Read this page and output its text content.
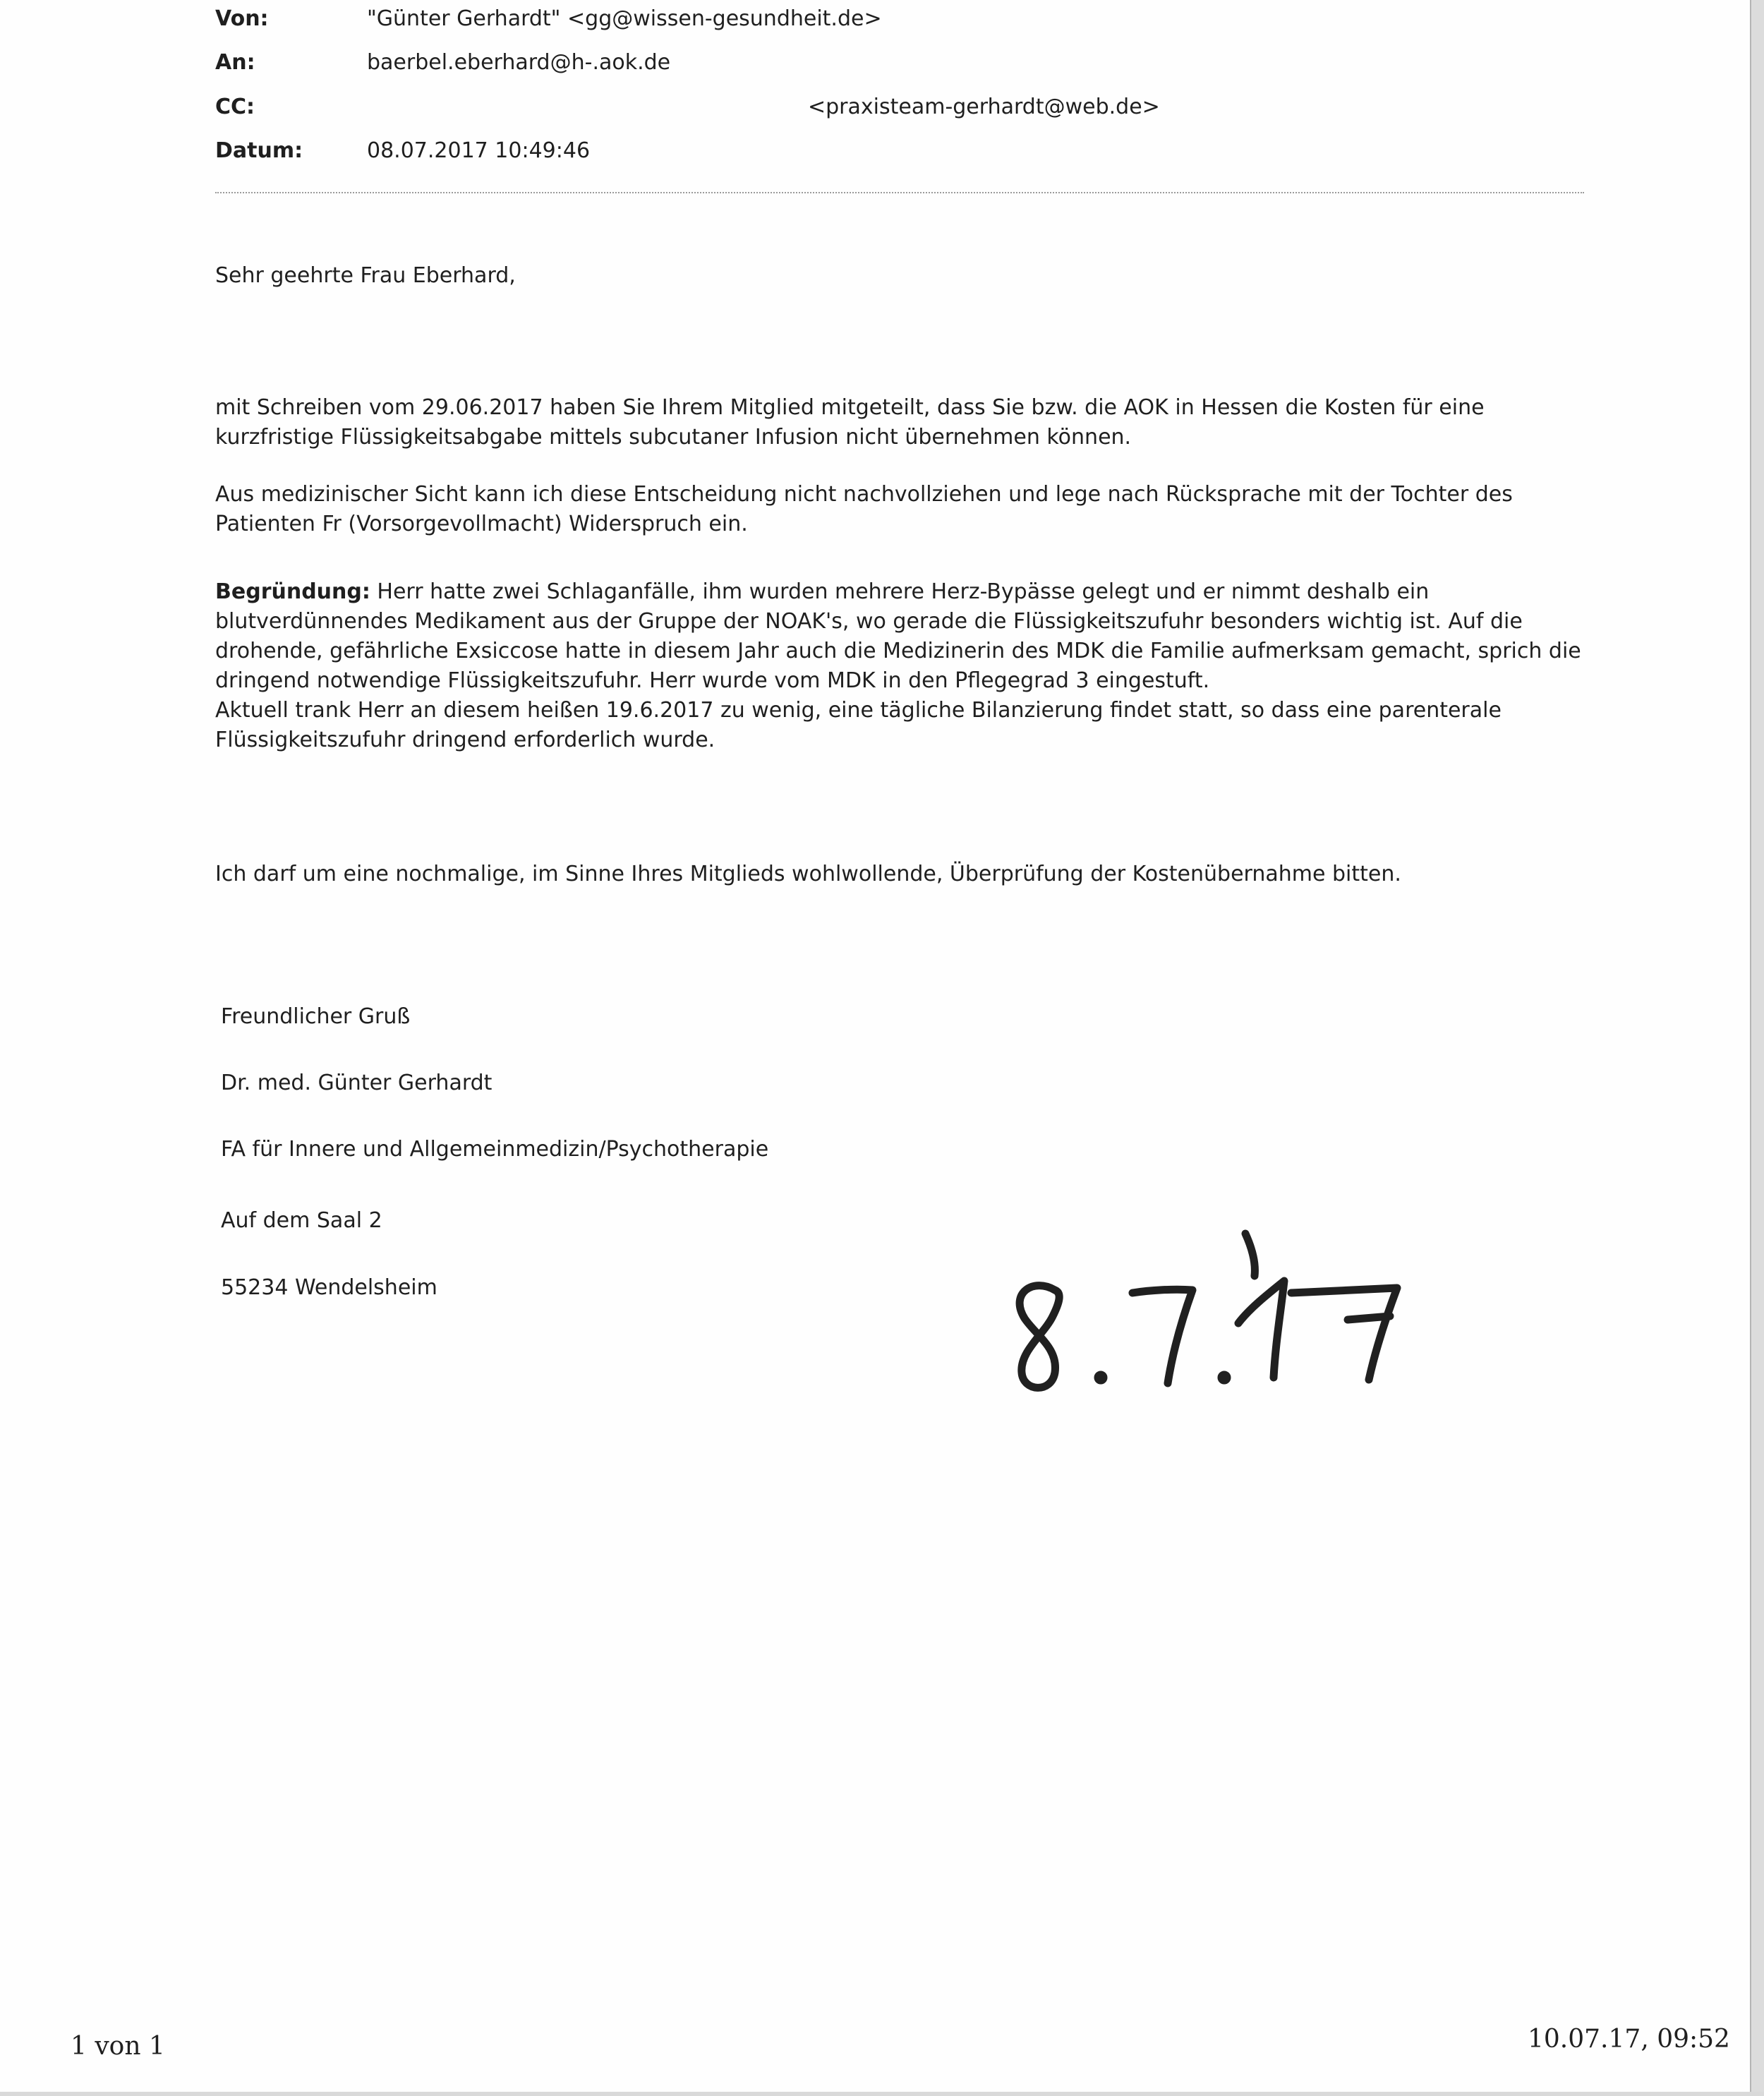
Von:	"Günter Gerhardt" <gg@wissen-gesundheit.de>
An:	baerbel.eberhard@h-.aok.de
CC:	<praxisteam-gerhardt@web.de>
Datum:	08.07.2017 10:49:46
Sehr geehrte Frau Eberhard,

mit Schreiben vom 29.06.2017 haben Sie Ihrem Mitglied mitgeteilt, dass Sie bzw. die AOK in Hessen die Kosten für eine kurzfristige Flüssigkeitsabgabe mittels subcutaner Infusion nicht übernehmen können.

Aus medizinischer Sicht kann ich diese Entscheidung nicht nachvollziehen und lege nach Rücksprache mit der Tochter des Patienten Fr (Vorsorgevollmacht) Widerspruch ein.

Begründung: Herr hatte zwei Schlaganfälle, ihm wurden mehrere Herz-Bypässe gelegt und er nimmt deshalb ein blutverdünnendes Medikament aus der Gruppe der NOAK's, wo gerade die Flüssigkeitszufuhr besonders wichtig ist. Auf die drohende, gefährliche Exsiccose hatte in diesem Jahr auch die Medizinerin des MDK die Familie aufmerksam gemacht, sprich die dringend notwendige Flüssigkeitszufuhr. Herr wurde vom MDK in den Pflegegrad 3 eingestuft.

Aktuell trank Herr an diesem heißen 19.6.2017 zu wenig, eine tägliche Bilanzierung findet statt, so dass eine parenterale Flüssigkeitszufuhr dringend erforderlich wurde.

Ich darf um eine nochmalige, im Sinne Ihres Mitglieds wohlwollende, Überprüfung der Kostenübernahme bitten.

Freundlicher Gruß
Dr. med. Günter Gerhardt
FA für Innere und Allgemeinmedizin/Psychotherapie
Auf dem Saal 2
55234 Wendelsheim
8.7.'17
1 von 1	10.07.17, 09:52
